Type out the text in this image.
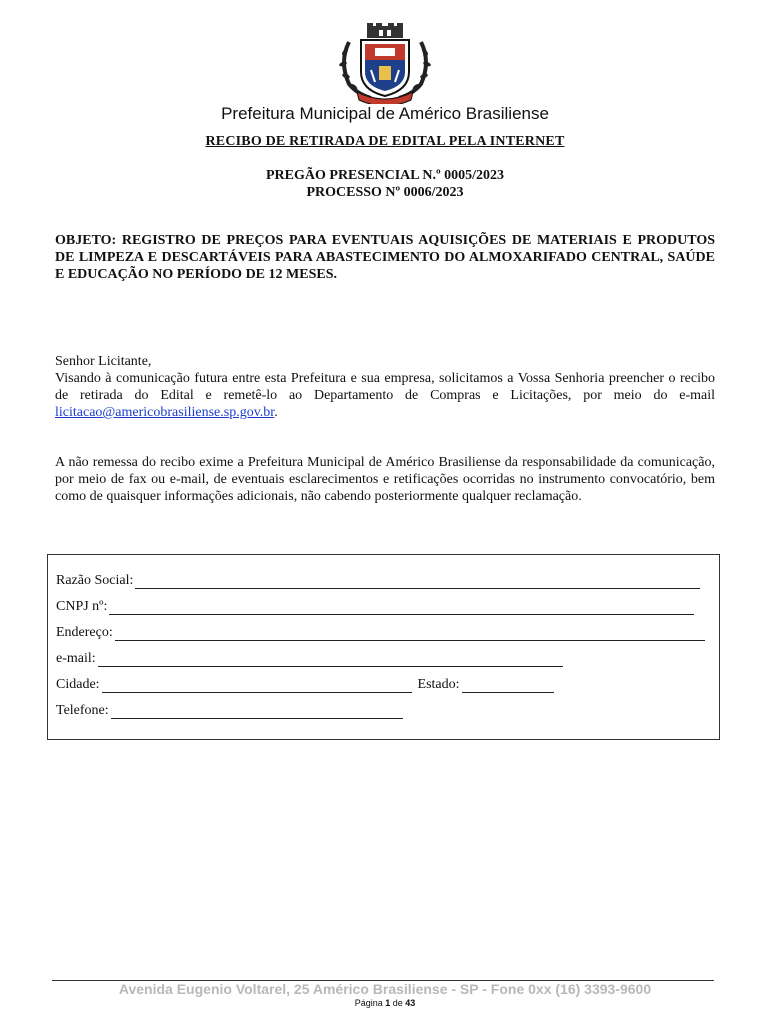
Prefeitura Municipal de Américo Brasiliense
RECIBO DE RETIRADA DE EDITAL PELA INTERNET
PREGÃO PRESENCIAL N.º 0005/2023
PROCESSO Nº 0006/2023
OBJETO: REGISTRO DE PREÇOS PARA EVENTUAIS AQUISIÇÕES DE MATERIAIS E PRODUTOS DE LIMPEZA E DESCARTÁVEIS PARA ABASTECIMENTO DO ALMOXARIFADO CENTRAL, SAÚDE E EDUCAÇÃO NO PERÍODO DE 12 MESES.
Senhor Licitante,
Visando à comunicação futura entre esta Prefeitura e sua empresa, solicitamos a Vossa Senhoria preencher o recibo de retirada do Edital e remetê-lo ao Departamento de Compras e Licitações, por meio do e-mail licitacao@americobrasiliense.sp.gov.br.
A não remessa do recibo exime a Prefeitura Municipal de Américo Brasiliense da responsabilidade da comunicação, por meio de fax ou e-mail, de eventuais esclarecimentos e retificações ocorridas no instrumento convocatório, bem como de quaisquer informações adicionais, não cabendo posteriormente qualquer reclamação.
Razão Social:
CNPJ nº:
Endereço:
e-mail:
Cidade:	Estado:
Telefone:
Avenida Eugenio Voltarel, 25 Américo Brasiliense - SP - Fone 0xx (16) 3393-9600
Página 1 de 43
